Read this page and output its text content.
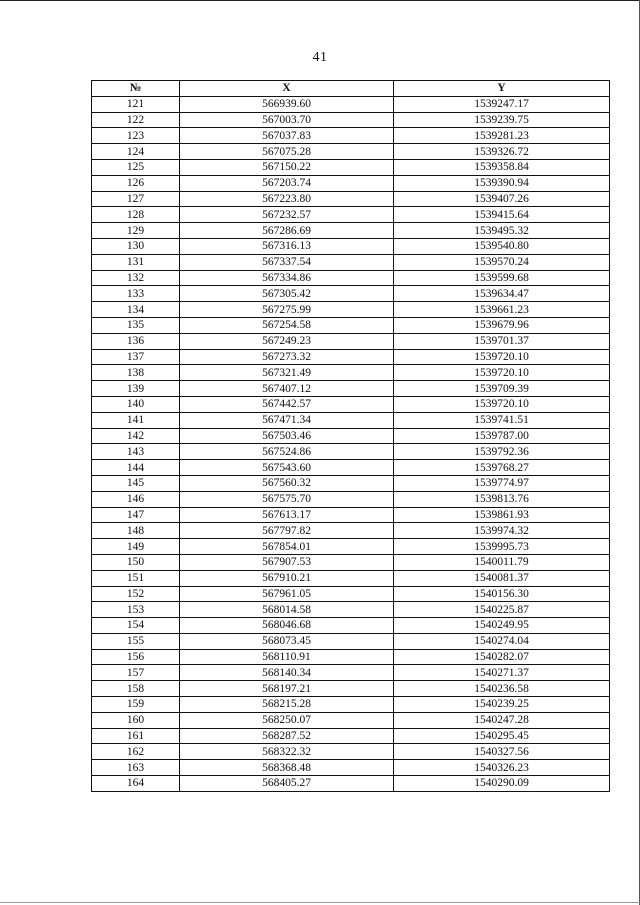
41
№	X	Y
121	566939.60	1539247.17
122	567003.70	1539239.75
123	567037.83	1539281.23
124	567075.28	1539326.72
125	567150.22	1539358.84
126	567203.74	1539390.94
127	567223.80	1539407.26
128	567232.57	1539415.64
129	567286.69	1539495.32
130	567316.13	1539540.80
131	567337.54	1539570.24
132	567334.86	1539599.68
133	567305.42	1539634.47
134	567275.99	1539661.23
135	567254.58	1539679.96
136	567249.23	1539701.37
137	567273.32	1539720.10
138	567321.49	1539720.10
139	567407.12	1539709.39
140	567442.57	1539720.10
141	567471.34	1539741.51
142	567503.46	1539787.00
143	567524.86	1539792.36
144	567543.60	1539768.27
145	567560.32	1539774.97
146	567575.70	1539813.76
147	567613.17	1539861.93
148	567797.82	1539974.32
149	567854.01	1539995.73
150	567907.53	1540011.79
151	567910.21	1540081.37
152	567961.05	1540156.30
153	568014.58	1540225.87
154	568046.68	1540249.95
155	568073.45	1540274.04
156	568110.91	1540282.07
157	568140.34	1540271.37
158	568197.21	1540236.58
159	568215.28	1540239.25
160	568250.07	1540247.28
161	568287.52	1540295.45
162	568322.32	1540327.56
163	568368.48	1540326.23
164	568405.27	1540290.09
